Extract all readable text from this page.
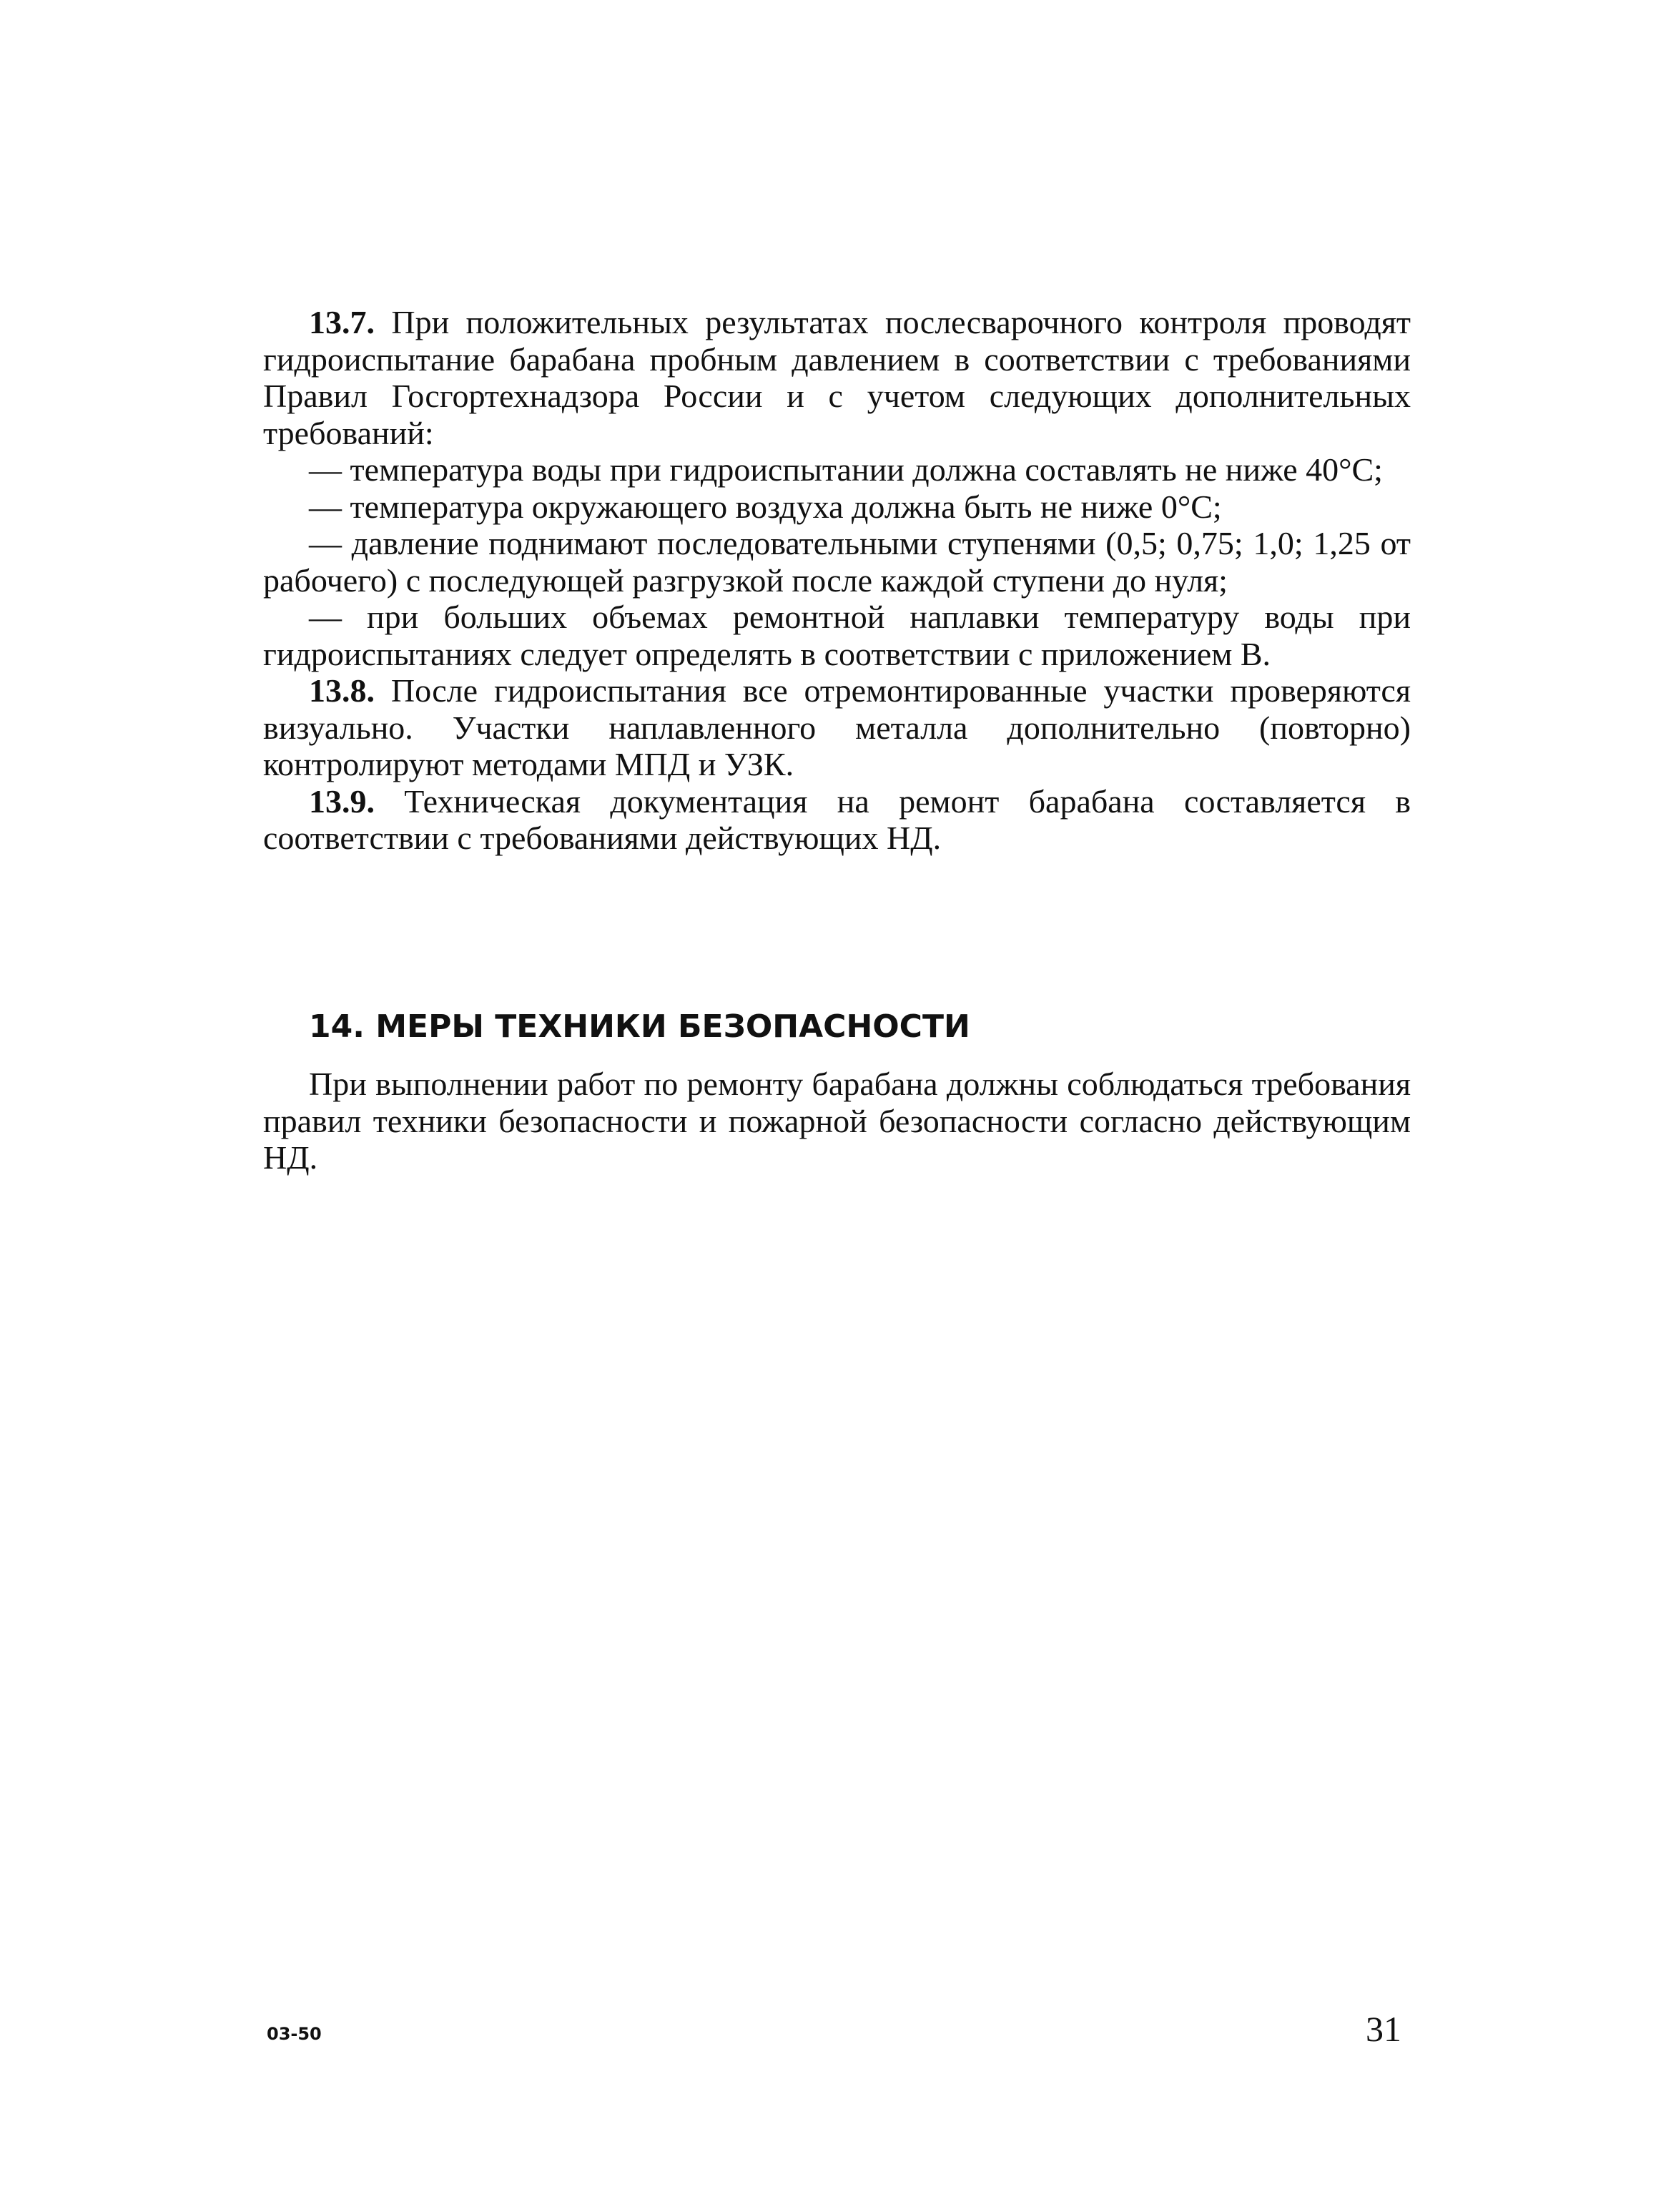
13.7. При положительных результатах послесварочного контроля проводят гидроиспытание барабана пробным давлением в соответствии с требованиями Правил Госгортехнадзора России и с учетом следующих дополнительных требований:

— температура воды при гидроиспытании должна составлять не ниже 40°С;

— температура окружающего воздуха должна быть не ниже 0°С;

— давление поднимают последовательными ступенями (0,5; 0,75; 1,0; 1,25 от рабочего) с последующей разгрузкой после каждой ступени до нуля;

— при больших объемах ремонтной наплавки температуру воды при гидроиспытаниях следует определять в соответствии с приложением В.

13.8. После гидроиспытания все отремонтированные участки проверяются визуально. Участки наплавленного металла дополнительно (повторно) контролируют методами МПД и УЗК.

13.9. Техническая документация на ремонт барабана составляется в соответствии с требованиями действующих НД.

14. МЕРЫ ТЕХНИКИ БЕЗОПАСНОСТИ

При выполнении работ по ремонту барабана должны соблюдаться требования правил техники безопасности и пожарной безопасности согласно действующим НД.

03-50	31
